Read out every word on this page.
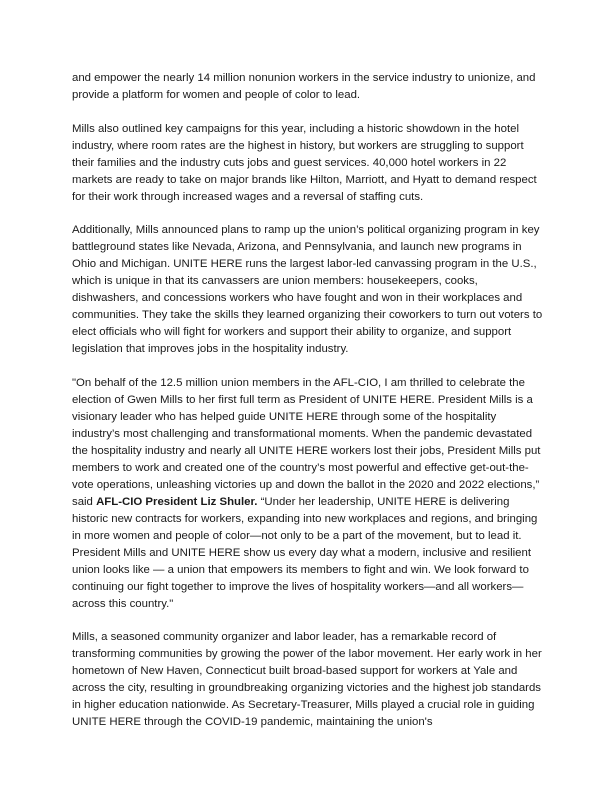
and empower the nearly 14 million nonunion workers in the service industry to unionize, and provide a platform for women and people of color to lead.

Mills also outlined key campaigns for this year, including a historic showdown in the hotel industry, where room rates are the highest in history, but workers are struggling to support their families and the industry cuts jobs and guest services. 40,000 hotel workers in 22 markets are ready to take on major brands like Hilton, Marriott, and Hyatt to demand respect for their work through increased wages and a reversal of staffing cuts.

Additionally, Mills announced plans to ramp up the union’s political organizing program in key battleground states like Nevada, Arizona, and Pennsylvania, and launch new programs in Ohio and Michigan. UNITE HERE runs the largest labor-led canvassing program in the U.S., which is unique in that its canvassers are union members: housekeepers, cooks, dishwashers, and concessions workers who have fought and won in their workplaces and communities. They take the skills they learned organizing their coworkers to turn out voters to elect officials who will fight for workers and support their ability to organize, and support legislation that improves jobs in the hospitality industry.

"On behalf of the 12.5 million union members in the AFL-CIO, I am thrilled to celebrate the election of Gwen Mills to her first full term as President of UNITE HERE. President Mills is a visionary leader who has helped guide UNITE HERE through some of the hospitality industry’s most challenging and transformational moments. When the pandemic devastated the hospitality industry and nearly all UNITE HERE workers lost their jobs, President Mills put members to work and created one of the country’s most powerful and effective get-out-the-vote operations, unleashing victories up and down the ballot in the 2020 and 2022 elections,” said AFL-CIO President Liz Shuler. “Under her leadership, UNITE HERE is delivering historic new contracts for workers, expanding into new workplaces and regions, and bringing in more women and people of color—not only to be a part of the movement, but to lead it. President Mills and UNITE HERE show us every day what a modern, inclusive and resilient union looks like — a union that empowers its members to fight and win. We look forward to continuing our fight together to improve the lives of hospitality workers—and all workers—across this country."

Mills, a seasoned community organizer and labor leader, has a remarkable record of transforming communities by growing the power of the labor movement. Her early work in her hometown of New Haven, Connecticut built broad-based support for workers at Yale and across the city, resulting in groundbreaking organizing victories and the highest job standards in higher education nationwide. As Secretary-Treasurer, Mills played a crucial role in guiding UNITE HERE through the COVID-19 pandemic, maintaining the union's
